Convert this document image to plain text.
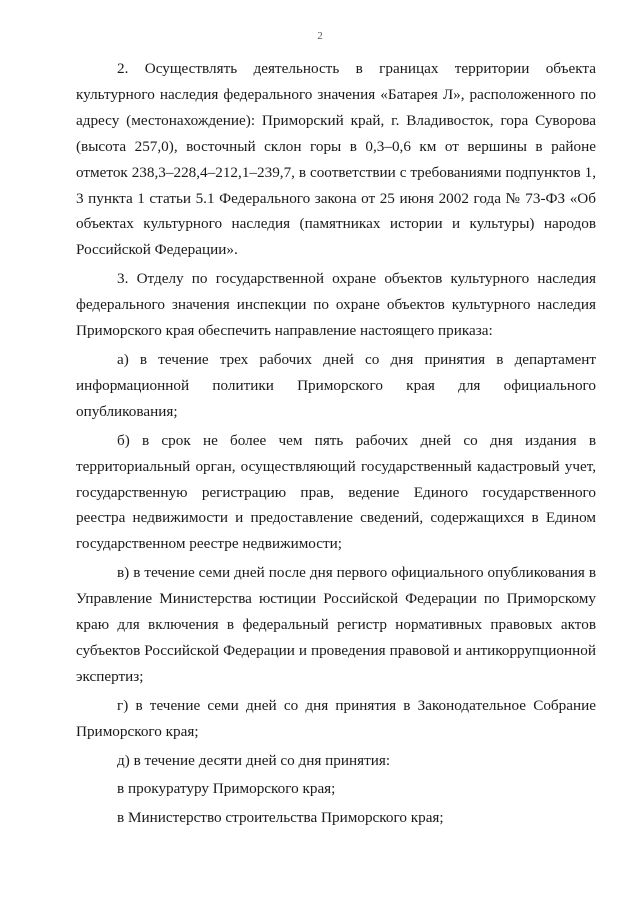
2

2. Осуществлять деятельность в границах территории объекта культурного наследия федерального значения «Батарея Л», расположенного по адресу (местонахождение): Приморский край, г. Владивосток, гора Суворова (высота 257,0), восточный склон горы в 0,3–0,6 км от вершины в районе отметок 238,3–228,4–212,1–239,7, в соответствии с требованиями подпунктов 1, 3 пункта 1 статьи 5.1 Федерального закона от 25 июня 2002 года № 73-ФЗ «Об объектах культурного наследия (памятниках истории и культуры) народов Российской Федерации».

3. Отделу по государственной охране объектов культурного наследия федерального значения инспекции по охране объектов культурного наследия Приморского края обеспечить направление настоящего приказа:

а) в течение трех рабочих дней со дня принятия в департамент информационной политики Приморского края для официального опубликования;

б) в срок не более чем пять рабочих дней со дня издания в территориальный орган, осуществляющий государственный кадастровый учет, государственную регистрацию прав, ведение Единого государственного реестра недвижимости и предоставление сведений, содержащихся в Едином государственном реестре недвижимости;

в) в течение семи дней после дня первого официального опубликования в Управление Министерства юстиции Российской Федерации по Приморскому краю для включения в федеральный регистр нормативных правовых актов субъектов Российской Федерации и проведения правовой и антикоррупционной экспертиз;

г) в течение семи дней со дня принятия в Законодательное Собрание Приморского края;

д) в течение десяти дней со дня принятия:

в прокуратуру Приморского края;

в Министерство строительства Приморского края;
